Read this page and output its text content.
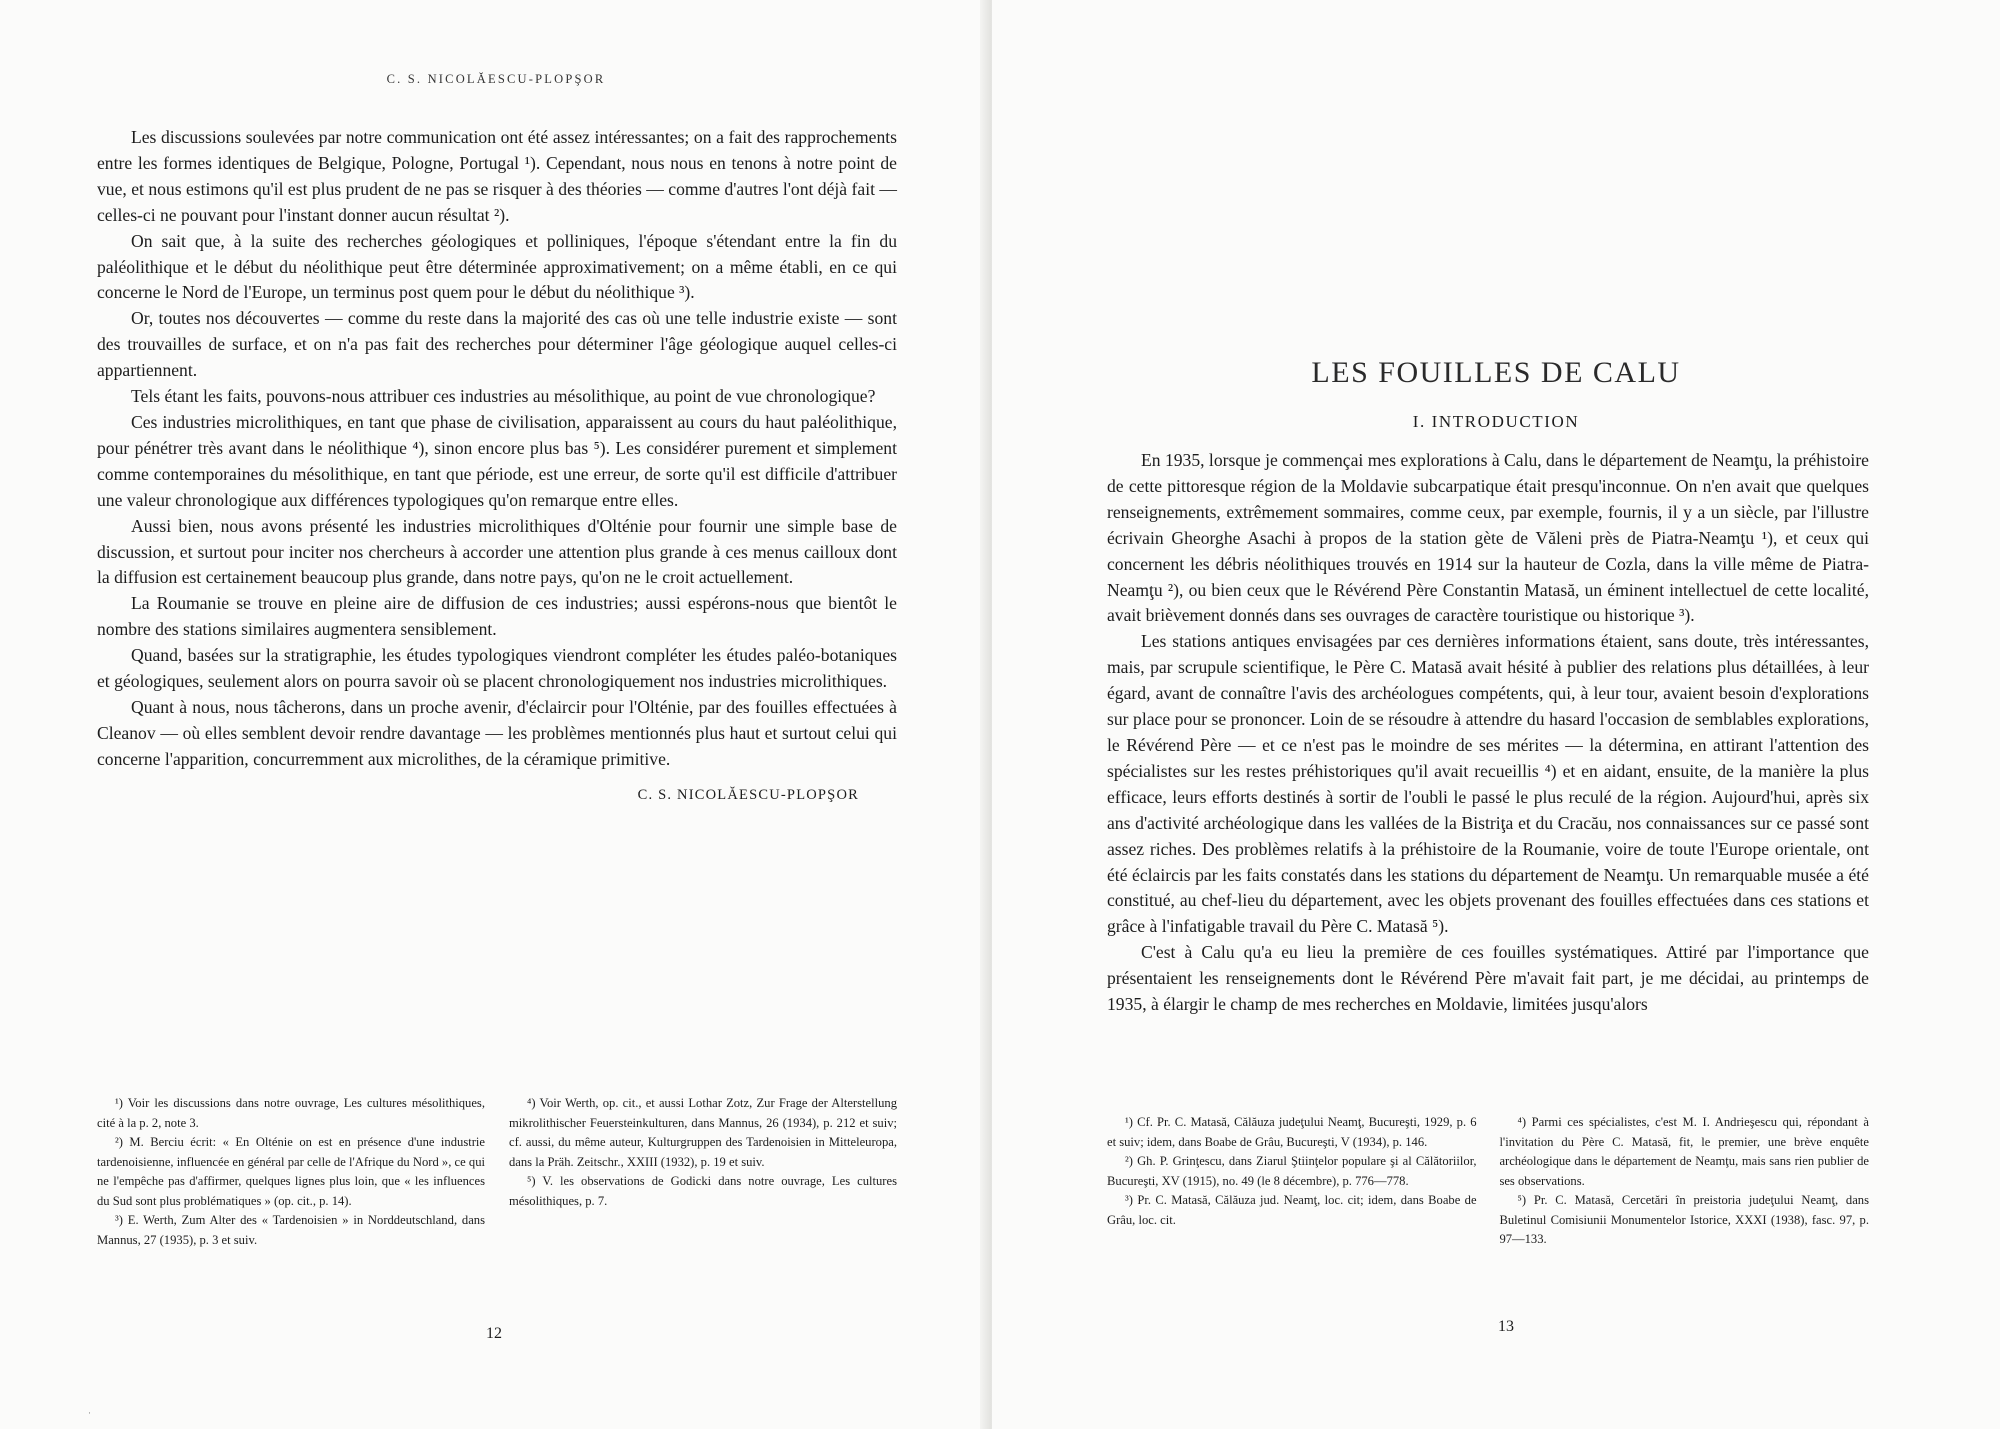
C. S. NICOLĂESCU-PLOPŞOR

Les discussions soulevées par notre communication ont été assez intéressantes; on a fait des rapprochements entre les formes identiques de Belgique, Pologne, Portugal ¹). Cependant, nous nous en tenons à notre point de vue, et nous estimons qu'il est plus prudent de ne pas se risquer à des théories — comme d'autres l'ont déjà fait — celles-ci ne pouvant pour l'instant donner aucun résultat ²).

On sait que, à la suite des recherches géologiques et polliniques, l'époque s'étendant entre la fin du paléolithique et le début du néolithique peut être déterminée approximativement; on a même établi, en ce qui concerne le Nord de l'Europe, un terminus post quem pour le début du néolithique ³).

Or, toutes nos découvertes — comme du reste dans la majorité des cas où une telle industrie existe — sont des trouvailles de surface, et on n'a pas fait des recherches pour déterminer l'âge géologique auquel celles-ci appartiennent.

Tels étant les faits, pouvons-nous attribuer ces industries au mésolithique, au point de vue chronologique?

Ces industries microlithiques, en tant que phase de civilisation, apparaissent au cours du haut paléolithique, pour pénétrer très avant dans le néolithique ⁴), sinon encore plus bas ⁵). Les considérer purement et simplement comme contemporaines du mésolithique, en tant que période, est une erreur, de sorte qu'il est difficile d'attribuer une valeur chronologique aux différences typologiques qu'on remarque entre elles.

Aussi bien, nous avons présenté les industries microlithiques d'Olténie pour fournir une simple base de discussion, et surtout pour inciter nos chercheurs à accorder une attention plus grande à ces menus cailloux dont la diffusion est certainement beaucoup plus grande, dans notre pays, qu'on ne le croit actuellement.

La Roumanie se trouve en pleine aire de diffusion de ces industries; aussi espérons-nous que bientôt le nombre des stations similaires augmentera sensiblement.

Quand, basées sur la stratigraphie, les études typologiques viendront compléter les études paléo-botaniques et géologiques, seulement alors on pourra savoir où se placent chronologiquement nos industries microlithiques.

Quant à nous, nous tâcherons, dans un proche avenir, d'éclaircir pour l'Olténie, par des fouilles effectuées à Cleanov — où elles semblent devoir rendre davantage — les problèmes mentionnés plus haut et surtout celui qui concerne l'apparition, concurremment aux microlithes, de la céramique primitive.

C. S. NICOLĂESCU-PLOPŞOR

¹) Voir les discussions dans notre ouvrage, Les cultures mésolithiques, cité à la p. 2, note 3.

²) M. Berciu écrit: « En Olténie on est en présence d'une industrie tardenoisienne, influencée en général par celle de l'Afrique du Nord », ce qui ne l'empêche pas d'affirmer, quelques lignes plus loin, que « les influences du Sud sont plus problématiques » (op. cit., p. 14).

³) E. Werth, Zum Alter des « Tardenoisien » in Norddeutschland, dans Mannus, 27 (1935), p. 3 et suiv.

⁴) Voir Werth, op. cit., et aussi Lothar Zotz, Zur Frage der Alterstellung mikrolithischer Feuersteinkulturen, dans Mannus, 26 (1934), p. 212 et suiv; cf. aussi, du même auteur, Kulturgruppen des Tardenoisien in Mitteleuropa, dans la Präh. Zeitschr., XXIII (1932), p. 19 et suiv.

⁵) V. les observations de Godicki dans notre ouvrage, Les cultures mésolithiques, p. 7.

12
LES FOUILLES DE CALU
I. INTRODUCTION

En 1935, lorsque je commençai mes explorations à Calu, dans le département de Neamţu, la préhistoire de cette pittoresque région de la Moldavie subcarpatique était presqu'inconnue. On n'en avait que quelques renseignements, extrêmement sommaires, comme ceux, par exemple, fournis, il y a un siècle, par l'illustre écrivain Gheorghe Asachi à propos de la station gète de Văleni près de Piatra-Neamţu ¹), et ceux qui concernent les débris néolithiques trouvés en 1914 sur la hauteur de Cozla, dans la ville même de Piatra-Neamţu ²), ou bien ceux que le Révérend Père Constantin Matasă, un éminent intellectuel de cette localité, avait brièvement donnés dans ses ouvrages de caractère touristique ou historique ³).

Les stations antiques envisagées par ces dernières informations étaient, sans doute, très intéressantes, mais, par scrupule scientifique, le Père C. Matasă avait hésité à publier des relations plus détaillées, à leur égard, avant de connaître l'avis des archéologues compétents, qui, à leur tour, avaient besoin d'explorations sur place pour se prononcer. Loin de se résoudre à attendre du hasard l'occasion de semblables explorations, le Révérend Père — et ce n'est pas le moindre de ses mérites — la détermina, en attirant l'attention des spécialistes sur les restes préhistoriques qu'il avait recueillis ⁴) et en aidant, ensuite, de la manière la plus efficace, leurs efforts destinés à sortir de l'oubli le passé le plus reculé de la région. Aujourd'hui, après six ans d'activité archéologique dans les vallées de la Bistriţa et du Cracău, nos connaissances sur ce passé sont assez riches. Des problèmes relatifs à la préhistoire de la Roumanie, voire de toute l'Europe orientale, ont été éclaircis par les faits constatés dans les stations du département de Neamţu. Un remarquable musée a été constitué, au chef-lieu du département, avec les objets provenant des fouilles effectuées dans ces stations et grâce à l'infatigable travail du Père C. Matasă ⁵).

C'est à Calu qu'a eu lieu la première de ces fouilles systématiques. Attiré par l'importance que présentaient les renseignements dont le Révérend Père m'avait fait part, je me décidai, au printemps de 1935, à élargir le champ de mes recherches en Moldavie, limitées jusqu'alors

¹) Cf. Pr. C. Matasă, Călăuza judeţului Neamţ, Bucureşti, 1929, p. 6 et suiv; idem, dans Boabe de Grâu, Bucureşti, V (1934), p. 146.

²) Gh. P. Grinţescu, dans Ziarul Ştiinţelor populare şi al Călătoriilor, Bucureşti, XV (1915), no. 49 (le 8 décembre), p. 776—778.

³) Pr. C. Matasă, Călăuza jud. Neamţ, loc. cit; idem, dans Boabe de Grâu, loc. cit.

⁴) Parmi ces spécialistes, c'est M. I. Andrieşescu qui, répondant à l'invitation du Père C. Matasă, fit, le premier, une brève enquête archéologique dans le département de Neamţu, mais sans rien publier de ses observations.

⁵) Pr. C. Matasă, Cercetări în preistoria judeţului Neamţ, dans Buletinul Comisiunii Monumentelor Istorice, XXXI (1938), fasc. 97, p. 97—133.

13
·
